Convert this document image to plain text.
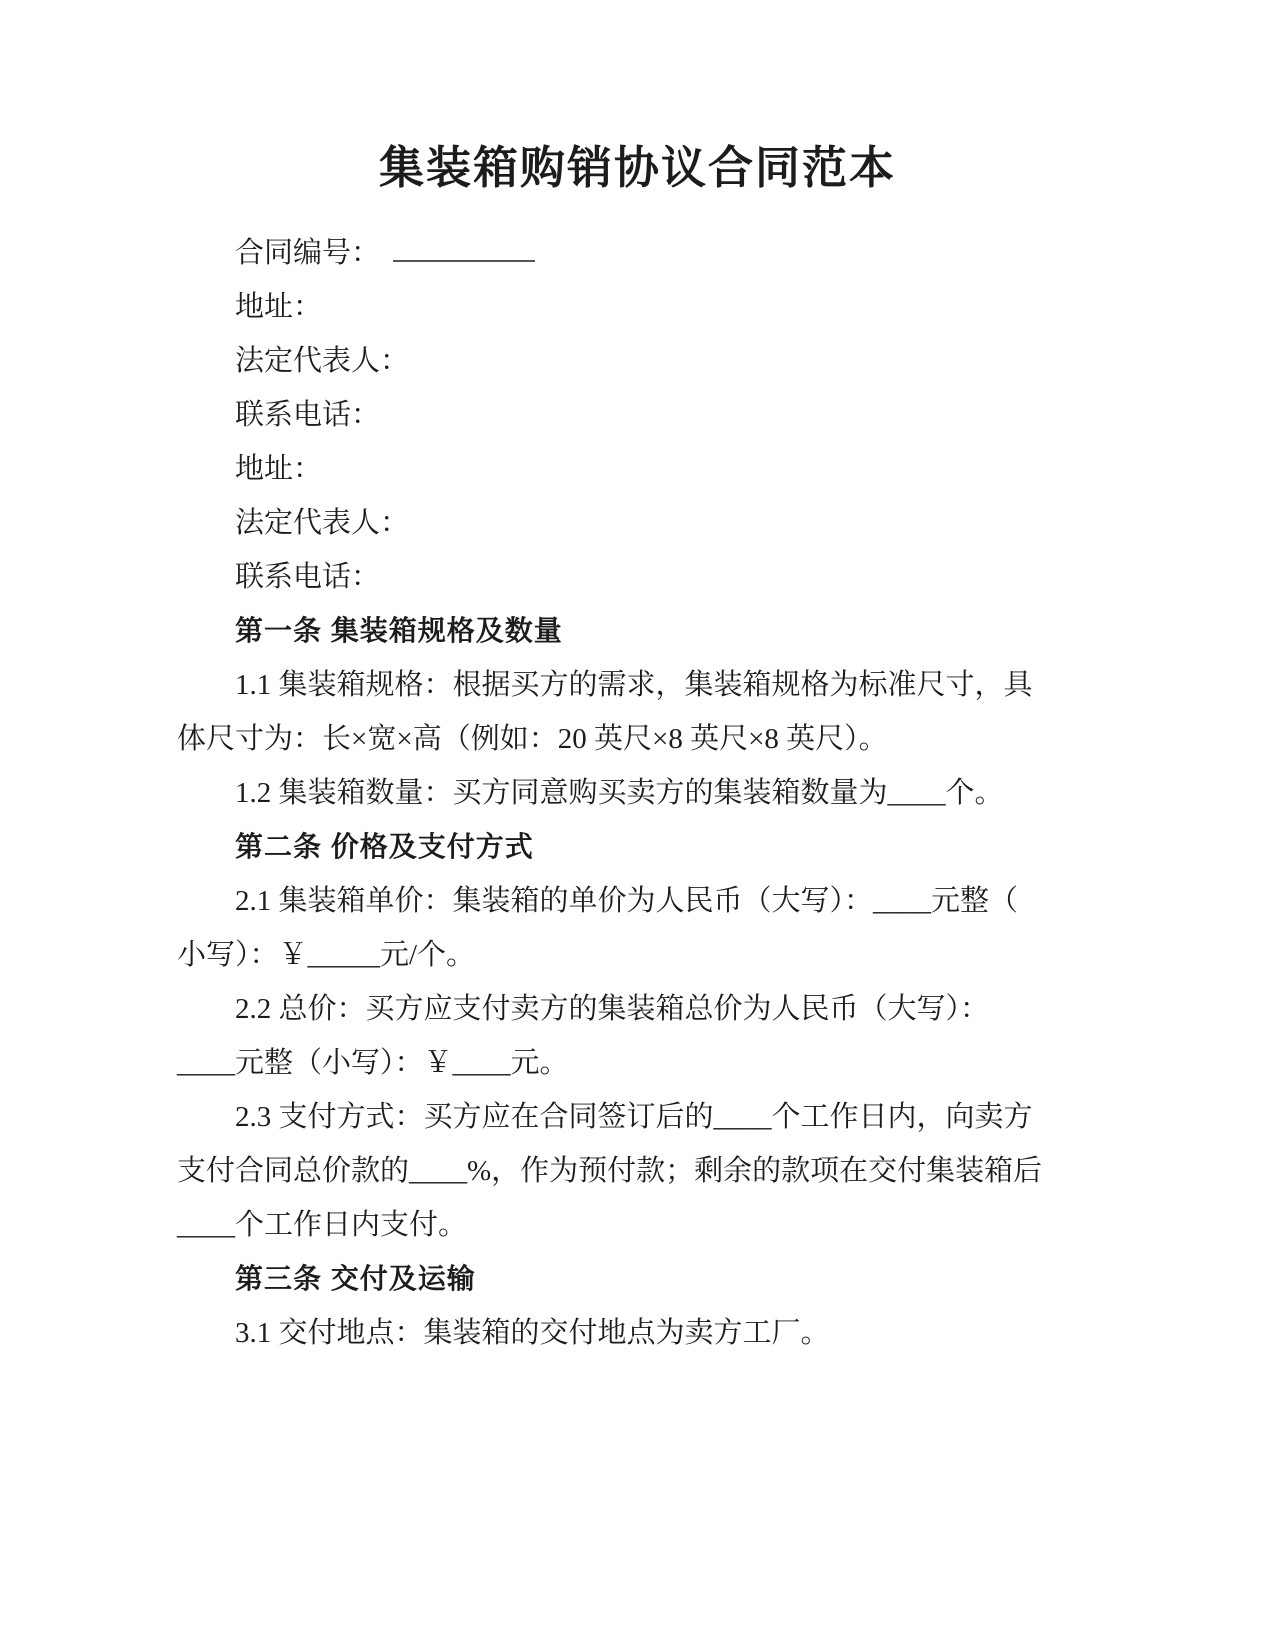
集装箱购销协议合同范本
合同编号：
地址：
法定代表人：
联系电话：
地址：
法定代表人：
联系电话：
第一条 集装箱规格及数量
1.1 集装箱规格：根据买方的需求，集装箱规格为标准尺寸，具
体尺寸为：长×宽×高（例如：20 英尺×8 英尺×8 英尺）。
1.2 集装箱数量：买方同意购买卖方的集装箱数量为____个。
第二条 价格及支付方式
2.1 集装箱单价：集装箱的单价为人民币（大写）：____元整（
小写）：￥_____元/个。
2.2 总价：买方应支付卖方的集装箱总价为人民币（大写）：
____元整（小写）：￥____元。
2.3 支付方式：买方应在合同签订后的____个工作日内，向卖方
支付合同总价款的____%，作为预付款；剩余的款项在交付集装箱后
____个工作日内支付。
第三条 交付及运输
3.1 交付地点：集装箱的交付地点为卖方工厂。
